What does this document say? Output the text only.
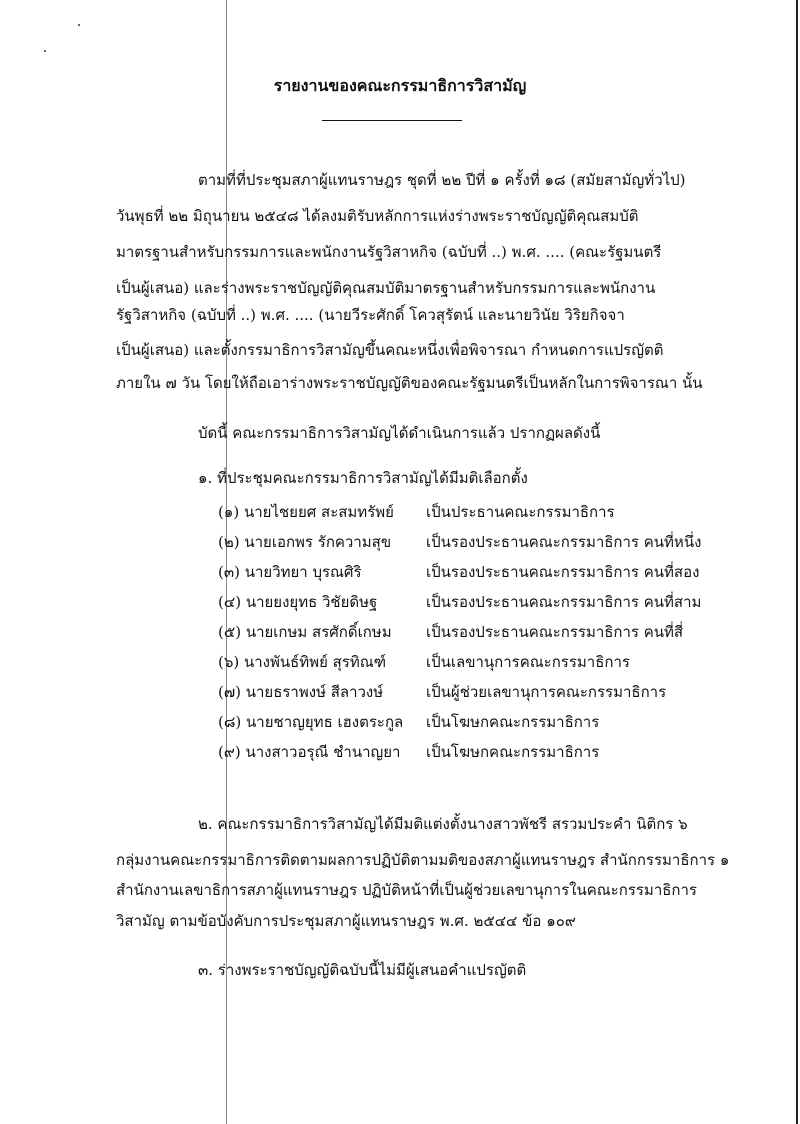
รายงานของคณะกรรมาธิการวิสามัญ
ตามที่ที่ประชุมสภาผู้แทนราษฎร ชุดที่ ๒๒ ปีที่ ๑ ครั้งที่ ๑๘ (สมัยสามัญทั่วไป)
วันพุธที่ ๒๒ มิถุนายน ๒๕๔๘ ได้ลงมติรับหลักการแห่งร่างพระราชบัญญัติคุณสมบัติ
มาตรฐานสำหรับกรรมการและพนักงานรัฐวิสาหกิจ (ฉบับที่ ..) พ.ศ. .... (คณะรัฐมนตรี
เป็นผู้เสนอ) และร่างพระราชบัญญัติคุณสมบัติมาตรฐานสำหรับกรรมการและพนักงาน
รัฐวิสาหกิจ (ฉบับที่ ..) พ.ศ. .... (นายวีระศักดิ์ โควสุรัตน์ และนายวินัย วิริยกิจจา
เป็นผู้เสนอ) และตั้งกรรมาธิการวิสามัญขึ้นคณะหนึ่งเพื่อพิจารณา กำหนดการแปรญัตติ
ภายใน ๗ วัน โดยให้ถือเอาร่างพระราชบัญญัติของคณะรัฐมนตรีเป็นหลักในการพิจารณา นั้น
บัดนี้ คณะกรรมาธิการวิสามัญได้ดำเนินการแล้ว ปรากฏผลดังนี้
๑. ที่ประชุมคณะกรรมาธิการวิสามัญได้มีมติเลือกตั้ง
(๑) นายไชยยศ สะสมทรัพย์ เป็นประธานคณะกรรมาธิการ
(๒) นายเอกพร รักความสุข เป็นรองประธานคณะกรรมาธิการ คนที่หนึ่ง
(๓) นายวิทยา บุรณศิริ	เป็นรองประธานคณะกรรมาธิการ คนที่สอง
(๔) นายยงยุทธ วิชัยดิษฐ	เป็นรองประธานคณะกรรมาธิการ คนที่สาม
(๕) นายเกษม สรศักดิ์เกษม เป็นรองประธานคณะกรรมาธิการ คนที่สี่
(๖) นางพันธ์ทิพย์ สุรทิณฑ์	เป็นเลขานุการคณะกรรมาธิการ
(๗) นายธราพงษ์ สีลาวงษ์	เป็นผู้ช่วยเลขานุการคณะกรรมาธิการ
(๘) นายชาญยุทธ เฮงตระกูล เป็นโฆษกคณะกรรมาธิการ
(๙) นางสาวอรุณี ชำนาญยา เป็นโฆษกคณะกรรมาธิการ
๒. คณะกรรมาธิการวิสามัญได้มีมติแต่งตั้งนางสาวพัชรี สรวมประคำ นิติกร ๖
กลุ่มงานคณะกรรมาธิการติดตามผลการปฏิบัติตามมติของสภาผู้แทนราษฎร สำนักกรรมาธิการ ๑
สำนักงานเลขาธิการสภาผู้แทนราษฎร ปฏิบัติหน้าที่เป็นผู้ช่วยเลขานุการในคณะกรรมาธิการ
วิสามัญ ตามข้อบังคับการประชุมสภาผู้แทนราษฎร พ.ศ. ๒๕๔๔ ข้อ ๑๐๙
๓. ร่างพระราชบัญญัติฉบับนี้ไม่มีผู้เสนอคำแปรญัตติ
